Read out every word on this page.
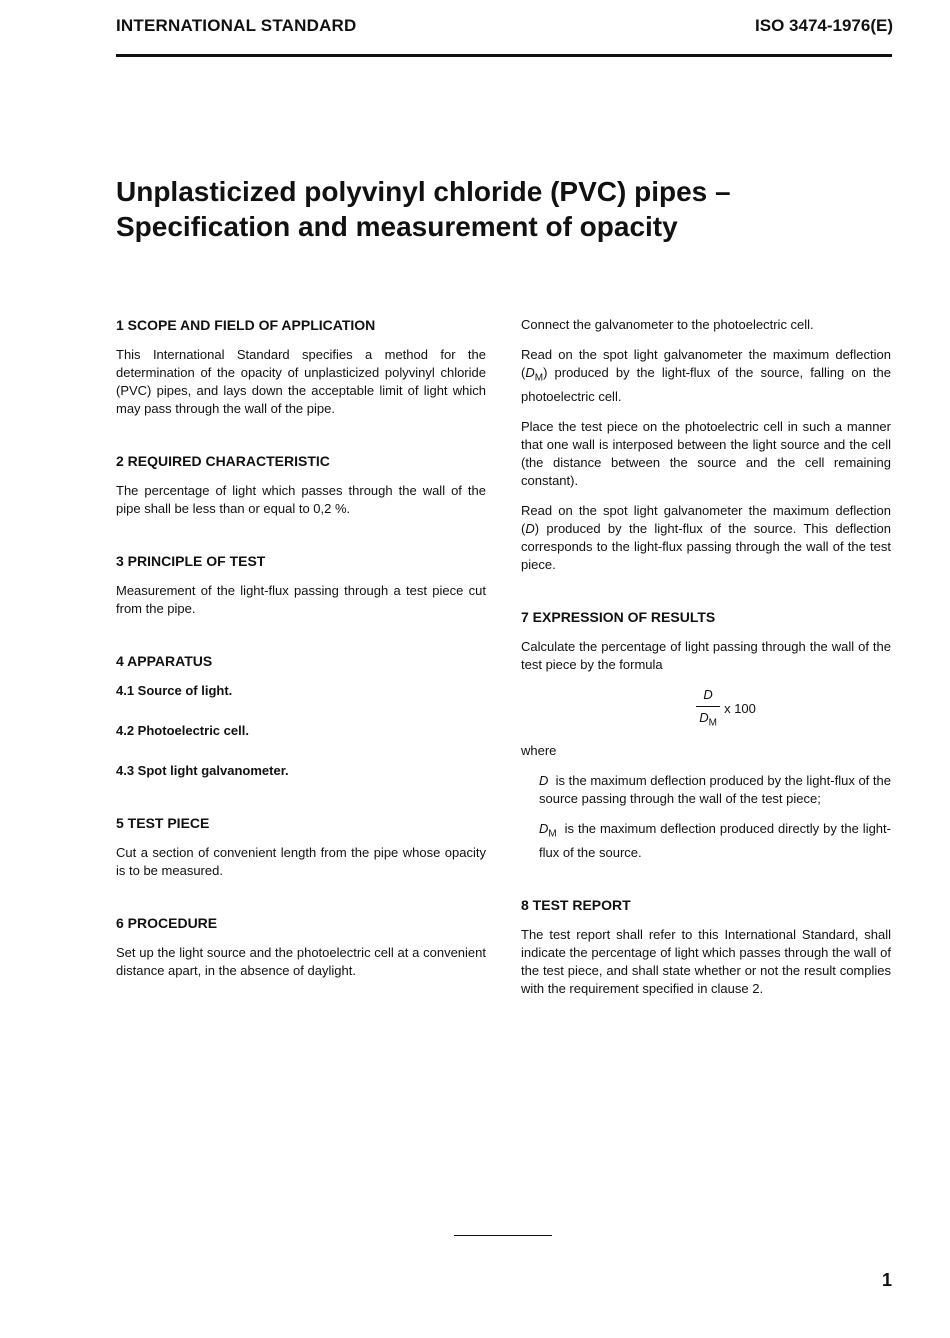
INTERNATIONAL STANDARD	ISO 3474-1976(E)
Unplasticized polyvinyl chloride (PVC) pipes – Specification and measurement of opacity
1 SCOPE AND FIELD OF APPLICATION

This International Standard specifies a method for the determination of the opacity of unplasticized polyvinyl chloride (PVC) pipes, and lays down the acceptable limit of light which may pass through the wall of the pipe.

2 REQUIRED CHARACTERISTIC

The percentage of light which passes through the wall of the pipe shall be less than or equal to 0,2 %.

3 PRINCIPLE OF TEST

Measurement of the light-flux passing through a test piece cut from the pipe.

4 APPARATUS
4.1 Source of light.
4.2 Photoelectric cell.
4.3 Spot light galvanometer.
5 TEST PIECE

Cut a section of convenient length from the pipe whose opacity is to be measured.

6 PROCEDURE

Set up the light source and the photoelectric cell at a convenient distance apart, in the absence of daylight.

Connect the galvanometer to the photoelectric cell.

Read on the spot light galvanometer the maximum deflection $(D_M)$ produced by the light-flux of the source, falling on the photoelectric cell.

Place the test piece on the photoelectric cell in such a manner that one wall is interposed between the light source and the cell (the distance between the source and the cell remaining constant).

Read on the spot light galvanometer the maximum deflection (D) produced by the light-flux of the source. This deflection corresponds to the light-flux passing through the wall of the test piece.

7 EXPRESSION OF RESULTS

Calculate the percentage of light passing through the wall of the test piece by the formula

$\frac{D}{D_M}$ x 100

where

D is the maximum deflection produced by the light-flux of the source passing through the wall of the test piece;

$D_M$ is the maximum deflection produced directly by the light-flux of the source.

8 TEST REPORT

The test report shall refer to this International Standard, shall indicate the percentage of light which passes through the wall of the test piece, and shall state whether or not the result complies with the requirement specified in clause 2.

1
